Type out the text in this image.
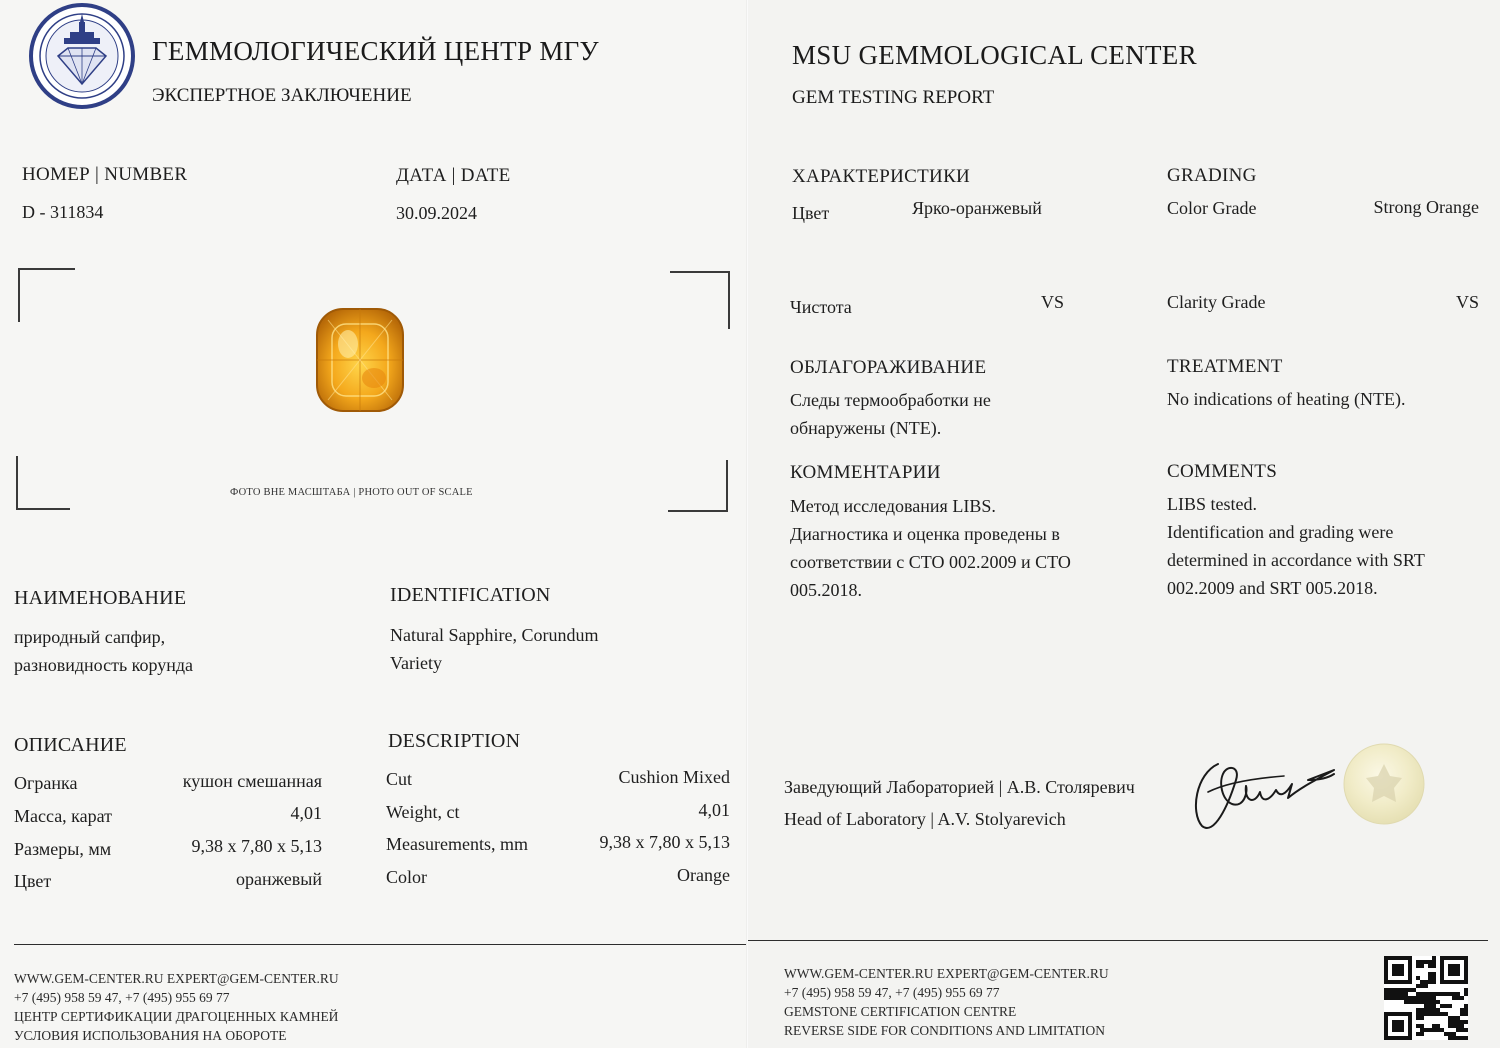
ГЕММОЛОГИЧЕСКИЙ ЦЕНТР МГУ
ЭКСПЕРТНОЕ ЗАКЛЮЧЕНИЕ
НОМЕР | NUMBER
D - 311834
ДАТА | DATE
30.09.2024
ФОТО ВНЕ МАСШТАБА | PHOTO OUT OF SCALE
НАИМЕНОВАНИЕ
природный сапфир, разновидность корунда
IDENTIFICATION
Natural Sapphire, Corundum Variety
ОПИСАНИЕ	DESCRIPTION
Огранка	кушон смешанная
Масса, карат	4,01
Размеры, мм	9,38 x 7,80 x 5,13
Цвет	оранжевый
Cut	Cushion Mixed
Weight, ct	4,01
Measurements, mm	9,38 x 7,80 x 5,13
Color	Orange
WWW.GEM-CENTER.RU EXPERT@GEM-CENTER.RU
+7 (495) 958 59 47, +7 (495) 955 69 77
ЦЕНТР СЕРТИФИКАЦИИ ДРАГОЦЕННЫХ КАМНЕЙ
УСЛОВИЯ ИСПОЛЬЗОВАНИЯ НА ОБОРОТЕ
MSU GEMMOLOGICAL CENTER
GEM TESTING REPORT
ХАРАКТЕРИСТИКИ	GRADING
Цвет	Ярко-оранжевый	Color Grade	Strong Orange
Чистота	VS	Clarity Grade	VS
ОБЛАГОРАЖИВАНИЕ
Следы термообработки не обнаружены (NTE).
TREATMENT
No indications of heating (NTE).
КОММЕНТАРИИ
Метод исследования LIBS.
Диагностика и оценка проведены в соответствии с СТО 002.2009 и СТО 005.2018.
COMMENTS
LIBS tested.
Identification and grading were determined in accordance with SRT 002.2009 and SRT 005.2018.
Заведующий Лабораторией | А.В. Столяревич
Head of Laboratory | A.V. Stolyarevich
WWW.GEM-CENTER.RU EXPERT@GEM-CENTER.RU
+7 (495) 958 59 47, +7 (495) 955 69 77
GEMSTONE CERTIFICATION CENTRE
REVERSE SIDE FOR CONDITIONS AND LIMITATION
